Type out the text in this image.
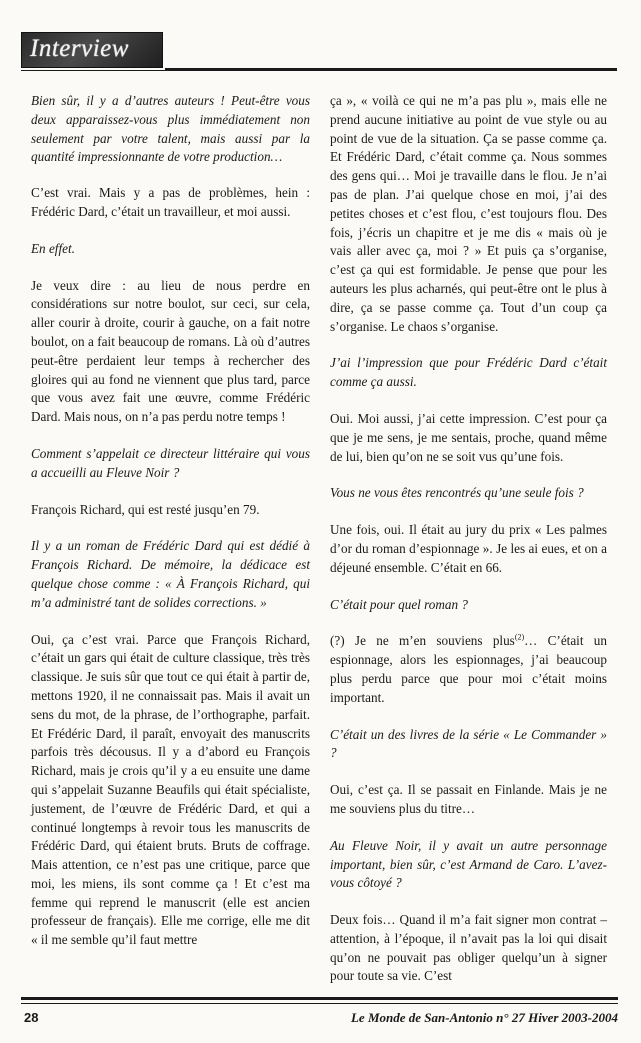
Interview

Bien sûr, il y a d’autres auteurs ! Peut-être vous deux apparaissez-vous plus immédiatement non seulement par votre talent, mais aussi par la quantité impressionnante de votre production…

C’est vrai. Mais y a pas de problèmes, hein : Frédéric Dard, c’était un travailleur, et moi aussi.

En effet.

Je veux dire : au lieu de nous perdre en considérations sur notre boulot, sur ceci, sur cela, aller courir à droite, courir à gauche, on a fait notre boulot, on a fait beaucoup de romans. Là où d’autres peut-être perdaient leur temps à rechercher des gloires qui au fond ne viennent que plus tard, parce que vous avez fait une œuvre, comme Frédéric Dard. Mais nous, on n’a pas perdu notre temps !

Comment s’appelait ce directeur littéraire qui vous a accueilli au Fleuve Noir ?

François Richard, qui est resté jusqu’en 79.

Il y a un roman de Frédéric Dard qui est dédié à François Richard. De mémoire, la dédicace est quelque chose comme : « À François Richard, qui m’a administré tant de solides corrections. »

Oui, ça c’est vrai. Parce que François Richard, c’était un gars qui était de culture classique, très très classique. Je suis sûr que tout ce qui était à partir de, mettons 1920, il ne connaissait pas. Mais il avait un sens du mot, de la phrase, de l’orthographe, parfait. Et Frédéric Dard, il paraît, envoyait des manuscrits parfois très décousus. Il y a d’abord eu François Richard, mais je crois qu’il y a eu ensuite une dame qui s’appelait Suzanne Beaufils qui était spécialiste, justement, de l’œuvre de Frédéric Dard, et qui a continué longtemps à revoir tous les manuscrits de Frédéric Dard, qui étaient bruts. Bruts de coffrage. Mais attention, ce n’est pas une critique, parce que moi, les miens, ils sont comme ça ! Et c’est ma femme qui reprend le manuscrit (elle est ancien professeur de français). Elle me corrige, elle me dit « il me semble qu’il faut mettre

ça », « voilà ce qui ne m’a pas plu », mais elle ne prend aucune initiative au point de vue style ou au point de vue de la situation. Ça se passe comme ça. Et Frédéric Dard, c’était comme ça. Nous sommes des gens qui… Moi je travaille dans le flou. Je n’ai pas de plan. J’ai quelque chose en moi, j’ai des petites choses et c’est flou, c’est toujours flou. Des fois, j’écris un chapitre et je me dis « mais où je vais aller avec ça, moi ? » Et puis ça s’organise, c’est ça qui est formidable. Je pense que pour les auteurs les plus acharnés, qui peut-être ont le plus à dire, ça se passe comme ça. Tout d’un coup ça s’organise. Le chaos s’organise.

J’ai l’impression que pour Frédéric Dard c’était comme ça aussi.

Oui. Moi aussi, j’ai cette impression. C’est pour ça que je me sens, je me sentais, proche, quand même de lui, bien qu’on ne se soit vus qu’une fois.

Vous ne vous êtes rencontrés qu’une seule fois ?

Une fois, oui. Il était au jury du prix « Les palmes d’or du roman d’espionnage ». Je les ai eues, et on a déjeuné ensemble. C’était en 66.

C’était pour quel roman ?

(?) Je ne m’en souviens plus$^{(2)}$… C’était un espionnage, alors les espionnages, j’ai beaucoup plus perdu parce que pour moi c’était moins important.

C’était un des livres de la série « Le Commander » ?

Oui, c’est ça. Il se passait en Finlande. Mais je ne me souviens plus du titre…

Au Fleuve Noir, il y avait un autre personnage important, bien sûr, c’est Armand de Caro. L’avez-vous côtoyé ?

Deux fois… Quand il m’a fait signer mon contrat – attention, à l’époque, il n’avait pas la loi qui disait qu’on ne pouvait pas obliger quelqu’un à signer pour toute sa vie. C’est

28	Le Monde de San-Antonio n° 27 Hiver 2003-2004
